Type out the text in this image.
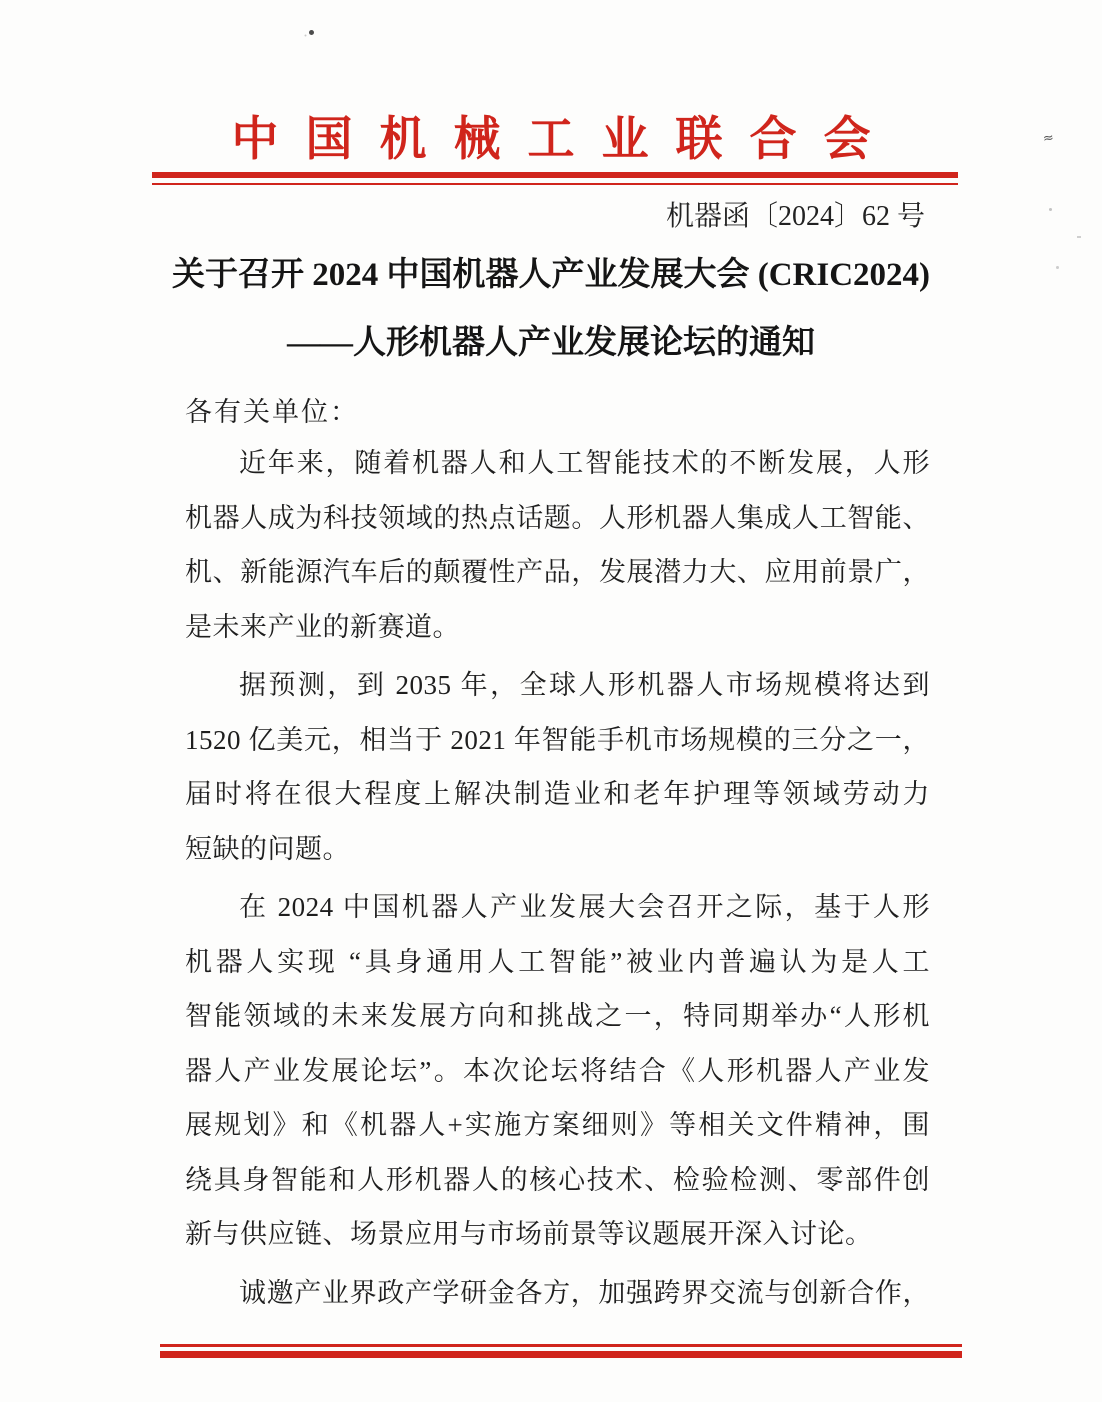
中国机械工业联合会
机器函〔2024〕62 号
关于召开 2024 中国机器人产业发展大会 (CRIC2024)
——人形机器人产业发展论坛的通知
各有关单位：
近年来，随着机器人和人工智能技术的不断发展，人形
机器人成为科技领域的热点话题。人形机器人集成人工智能、
机、新能源汽车后的颠覆性产品，发展潜力大、应用前景广，
是未来产业的新赛道。
据预测，到 2035 年，全球人形机器人市场规模将达到
1520 亿美元，相当于 2021 年智能手机市场规模的三分之一，
届时将在很大程度上解决制造业和老年护理等领域劳动力
短缺的问题。
在 2024 中国机器人产业发展大会召开之际，基于人形
机器人实现 “具身通用人工智能”被业内普遍认为是人工
智能领域的未来发展方向和挑战之一，特同期举办“人形机
器人产业发展论坛”。本次论坛将结合《人形机器人产业发
展规划》和《机器人+实施方案细则》等相关文件精神，围
绕具身智能和人形机器人的核心技术、检验检测、零部件创
新与供应链、场景应用与市场前景等议题展开深入讨论。
诚邀产业界政产学研金各方，加强跨界交流与创新合作，
≈
